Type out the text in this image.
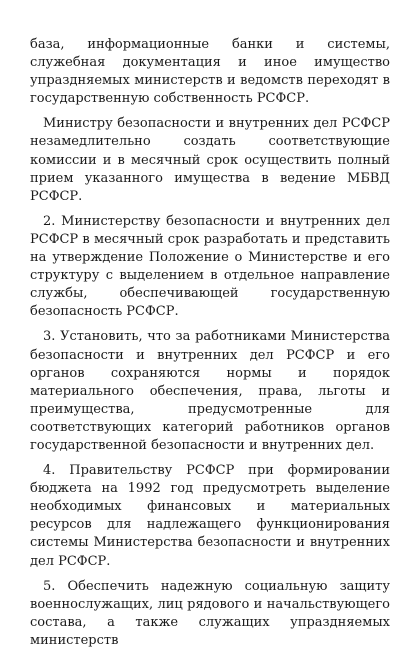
база, информационные банки и системы, служебная документация и иное имущество упраздняемых министерств и ведомств переходят в государственную собственность РСФСР.

Министру безопасности и внутренних дел РСФСР незамедлительно создать соответствующие комиссии и в месячный срок осуществить полный прием указанного имущества в ведение МБВД РСФСР.

2. Министерству безопасности и внутренних дел РСФСР в месячный срок разработать и представить на утверждение Положение о Министерстве и его структуру с выделением в отдельное направление службы, обеспечивающей государственную безопасность РСФСР.

3. Установить, что за работниками Министерства безопасности и внутренних дел РСФСР и его органов сохраняются нормы и порядок материального обеспечения, права, льготы и преимущества, предусмотренные для соответствующих категорий работников органов государственной безопасности и внутренних дел.

4. Правительству РСФСР при формировании бюджета на 1992 год предусмотреть выделение необходимых финансовых и материальных ресурсов для надлежащего функционирования системы Министерства безопасности и внутренних дел РСФСР.

5. Обеспечить надежную социальную защиту военнослужащих, лиц рядового и начальствующего состава, а также служащих упраздняемых министерств
